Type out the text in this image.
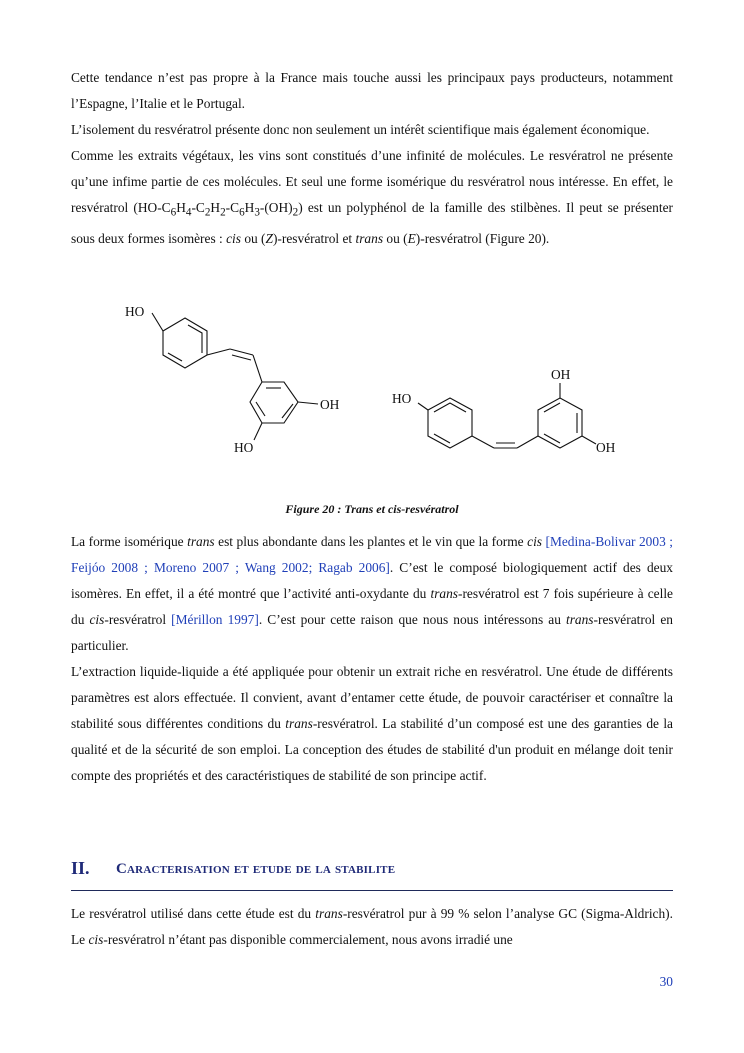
Cette tendance n’est pas propre à la France mais touche aussi les principaux pays producteurs, notamment l’Espagne, l’Italie et le Portugal.

L’isolement du resvératrol présente donc non seulement un intérêt scientifique mais également économique.

Comme les extraits végétaux, les vins sont constitués d’une infinité de molécules. Le resvératrol ne présente qu’une infime partie de ces molécules. Et seul une forme isomérique du resvératrol nous intéresse. En effet, le resvératrol $(HO-C_6H_4-C_2H_2-C_6H_3-(OH)_2)$ est un polyphénol de la famille des stilbènes. Il peut se présenter sous deux formes isomères : cis ou (Z)-resvératrol et trans ou (E)-resvératrol (Figure 20).

HO
OH
HO
HO
OH
OH
Figure 20 : Trans et cis-resvératrol

La forme isomérique trans est plus abondante dans les plantes et le vin que la forme cis [Medina-Bolivar 2003 ; Feijóo 2008 ; Moreno 2007 ; Wang 2002; Ragab 2006]. C’est le composé biologiquement actif des deux isomères. En effet, il a été montré que l’activité anti-oxydante du trans-resvératrol est 7 fois supérieure à celle du cis-resvératrol [Mérillon 1997]. C’est pour cette raison que nous nous intéressons au trans-resvératrol en particulier.

L’extraction liquide-liquide a été appliquée pour obtenir un extrait riche en resvératrol. Une étude de différents paramètres est alors effectuée. Il convient, avant d’entamer cette étude, de pouvoir caractériser et connaître la stabilité sous différentes conditions du trans-resvératrol. La stabilité d’un composé est une des garanties de la qualité et de la sécurité de son emploi. La conception des études de stabilité d'un produit en mélange doit tenir compte des propriétés et des caractéristiques de stabilité de son principe actif.

II. Caracterisation et etude de la stabilite

Le resvératrol utilisé dans cette étude est du trans-resvératrol pur à 99 % selon l’analyse GC (Sigma-Aldrich). Le cis-resvératrol n’étant pas disponible commercialement, nous avons irradié une

30
